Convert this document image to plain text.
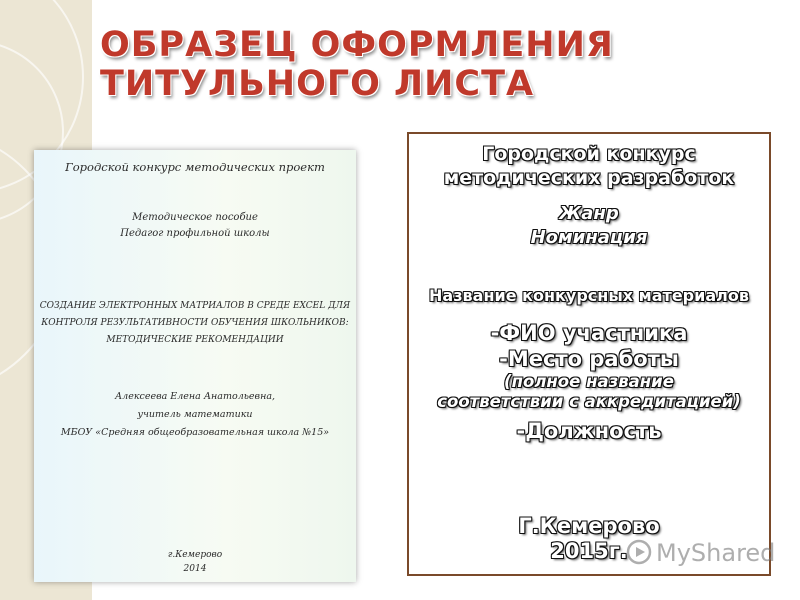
ОБРАЗЕЦ ОФОРМЛЕНИЯ
ТИТУЛЬНОГО ЛИСТА
Городской конкурс методических проект
Методическое пособие
Педагог профильной школы
СОЗДАНИЕ ЭЛЕКТРОННЫХ МАТРИАЛОВ В СРЕДЕ EXCEL ДЛЯ
КОНТРОЛЯ РЕЗУЛЬТАТИВНОСТИ ОБУЧЕНИЯ ШКОЛЬНИКОВ:
МЕТОДИЧЕСКИЕ РЕКОМЕНДАЦИИ
Алексеева Елена Анатольевна,
учитель математики
МБОУ «Средняя общеобразовательная школа №15»
г.Кемерово
2014
Городской конкурс
методических разработок
Жанр
Номинация
Название конкурсных материалов
-ФИО участника
-Место работы
(полное название
соответствии с аккредитацией)
-Должность
Г.Кемерово
2015г.	MyShared
